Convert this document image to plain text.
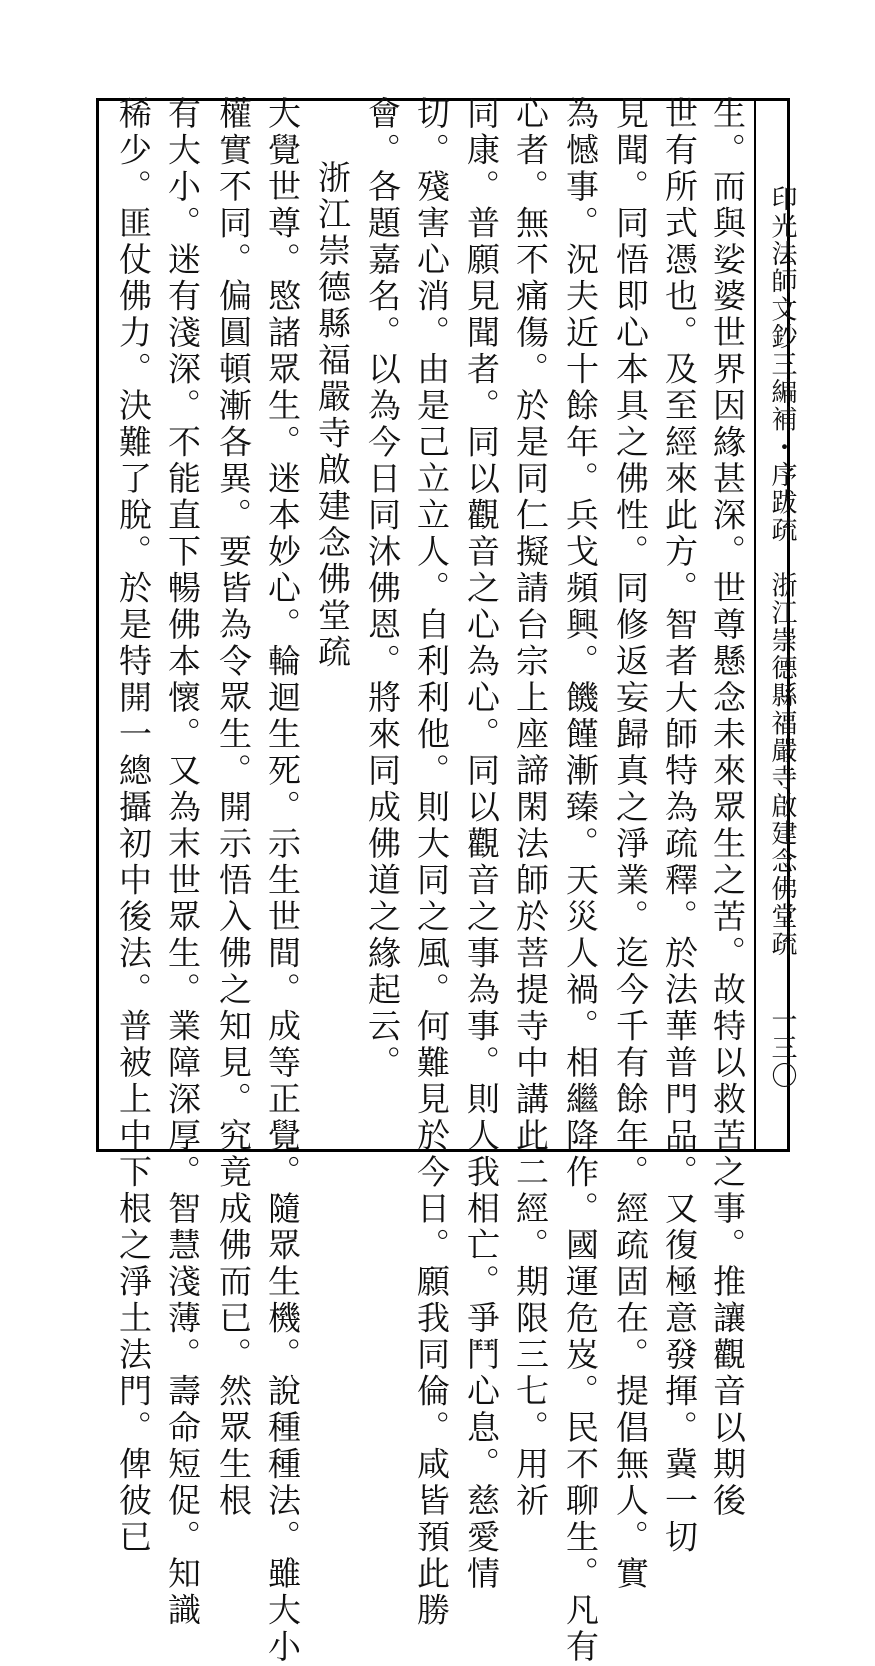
印光法師文鈔三編補・序跋疏　浙江崇德縣福嚴寺啟建念佛堂疏
一三〇
生。而與娑婆世界因緣甚深。世尊懸念未來眾生之苦。故特以救苦之事。推讓觀音以期後
世有所式憑也。及至經來此方。智者大師特為疏釋。於法華普門品。又復極意發揮。冀一切
見聞。同悟即心本具之佛性。同修返妄歸真之淨業。迄今千有餘年。經疏固在。提倡無人。實
為憾事。況夫近十餘年。兵戈頻興。饑饉漸臻。天災人禍。相繼降作。國運危岌。民不聊生。凡有
心者。無不痛傷。於是同仁擬請台宗上座諦閑法師於菩提寺中講此二經。期限三七。用祈
同康。普願見聞者。同以觀音之心為心。同以觀音之事為事。則人我相亡。爭鬥心息。慈愛情
切。殘害心消。由是己立立人。自利利他。則大同之風。何難見於今日。願我同倫。咸皆預此勝
會。各題嘉名。以為今日同沐佛恩。將來同成佛道之緣起云。
浙江崇德縣福嚴寺啟建念佛堂疏
大覺世尊。愍諸眾生。迷本妙心。輪迴生死。示生世間。成等正覺。隨眾生機。說種種法。雖大小
權實不同。偏圓頓漸各異。要皆為令眾生。開示悟入佛之知見。究竟成佛而已。然眾生根
有大小。迷有淺深。不能直下暢佛本懷。又為末世眾生。業障深厚。智慧淺薄。壽命短促。知識
稀少。匪仗佛力。決難了脫。於是特開一總攝初中後法。普被上中下根之淨土法門。俾彼已
